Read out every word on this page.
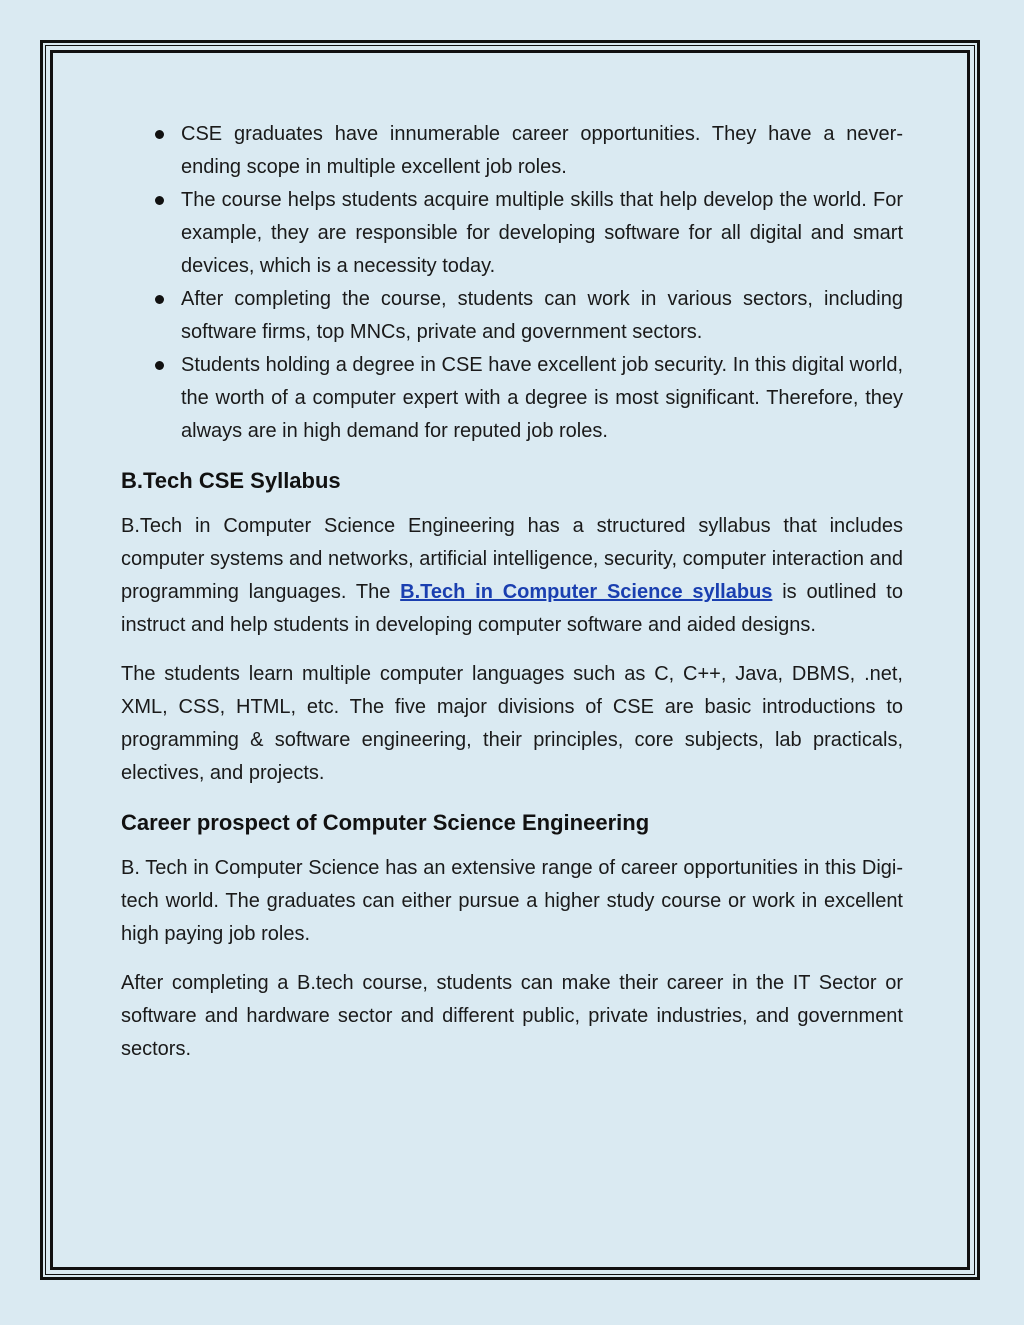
CSE graduates have innumerable career opportunities. They have a never-ending scope in multiple excellent job roles.
The course helps students acquire multiple skills that help develop the world. For example, they are responsible for developing software for all digital and smart devices, which is a necessity today.
After completing the course, students can work in various sectors, including software firms, top MNCs, private and government sectors.
Students holding a degree in CSE have excellent job security. In this digital world, the worth of a computer expert with a degree is most significant. Therefore, they always are in high demand for reputed job roles.
B.Tech CSE Syllabus

B.Tech in Computer Science Engineering has a structured syllabus that includes computer systems and networks, artificial intelligence, security, computer interaction and programming languages. The B.Tech in Computer Science syllabus is outlined to instruct and help students in developing computer software and aided designs.

The students learn multiple computer languages such as C, C++, Java, DBMS, .net, XML, CSS, HTML, etc. The five major divisions of CSE are basic introductions to programming & software engineering, their principles, core subjects, lab practicals, electives, and projects.

Career prospect of Computer Science Engineering

B. Tech in Computer Science has an extensive range of career opportunities in this Digi-tech world. The graduates can either pursue a higher study course or work in excellent high paying job roles.

After completing a B.tech course, students can make their career in the IT Sector or software and hardware sector and different public, private industries, and government sectors.
